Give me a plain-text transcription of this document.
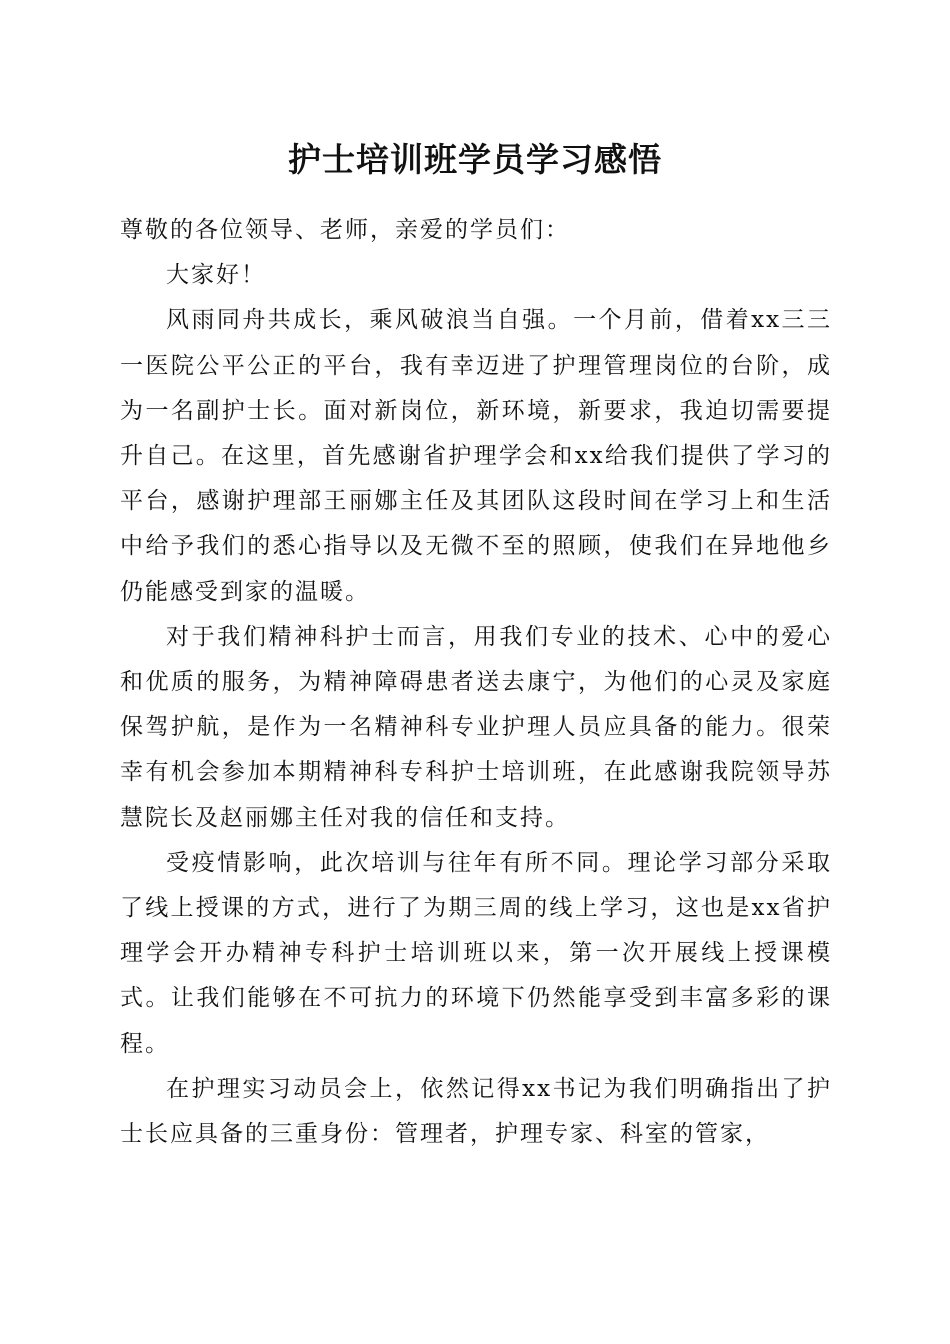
护士培训班学员学习感悟

尊敬的各位领导、老师，亲爱的学员们：

大家好！

风雨同舟共成长，乘风破浪当自强。一个月前，借着xx三三一医院公平公正的平台，我有幸迈进了护理管理岗位的台阶，成为一名副护士长。面对新岗位，新环境，新要求，我迫切需要提升自己。在这里，首先感谢省护理学会和xx给我们提供了学习的平台，感谢护理部王丽娜主任及其团队这段时间在学习上和生活中给予我们的悉心指导以及无微不至的照顾，使我们在异地他乡仍能感受到家的温暖。

对于我们精神科护士而言，用我们专业的技术、心中的爱心和优质的服务，为精神障碍患者送去康宁，为他们的心灵及家庭保驾护航，是作为一名精神科专业护理人员应具备的能力。很荣幸有机会参加本期精神科专科护士培训班，在此感谢我院领导苏慧院长及赵丽娜主任对我的信任和支持。

受疫情影响，此次培训与往年有所不同。理论学习部分采取了线上授课的方式，进行了为期三周的线上学习，这也是xx省护理学会开办精神专科护士培训班以来，第一次开展线上授课模式。让我们能够在不可抗力的环境下仍然能享受到丰富多彩的课程。

在护理实习动员会上，依然记得xx书记为我们明确指出了护士长应具备的三重身份：管理者，护理专家、科室的管家，
